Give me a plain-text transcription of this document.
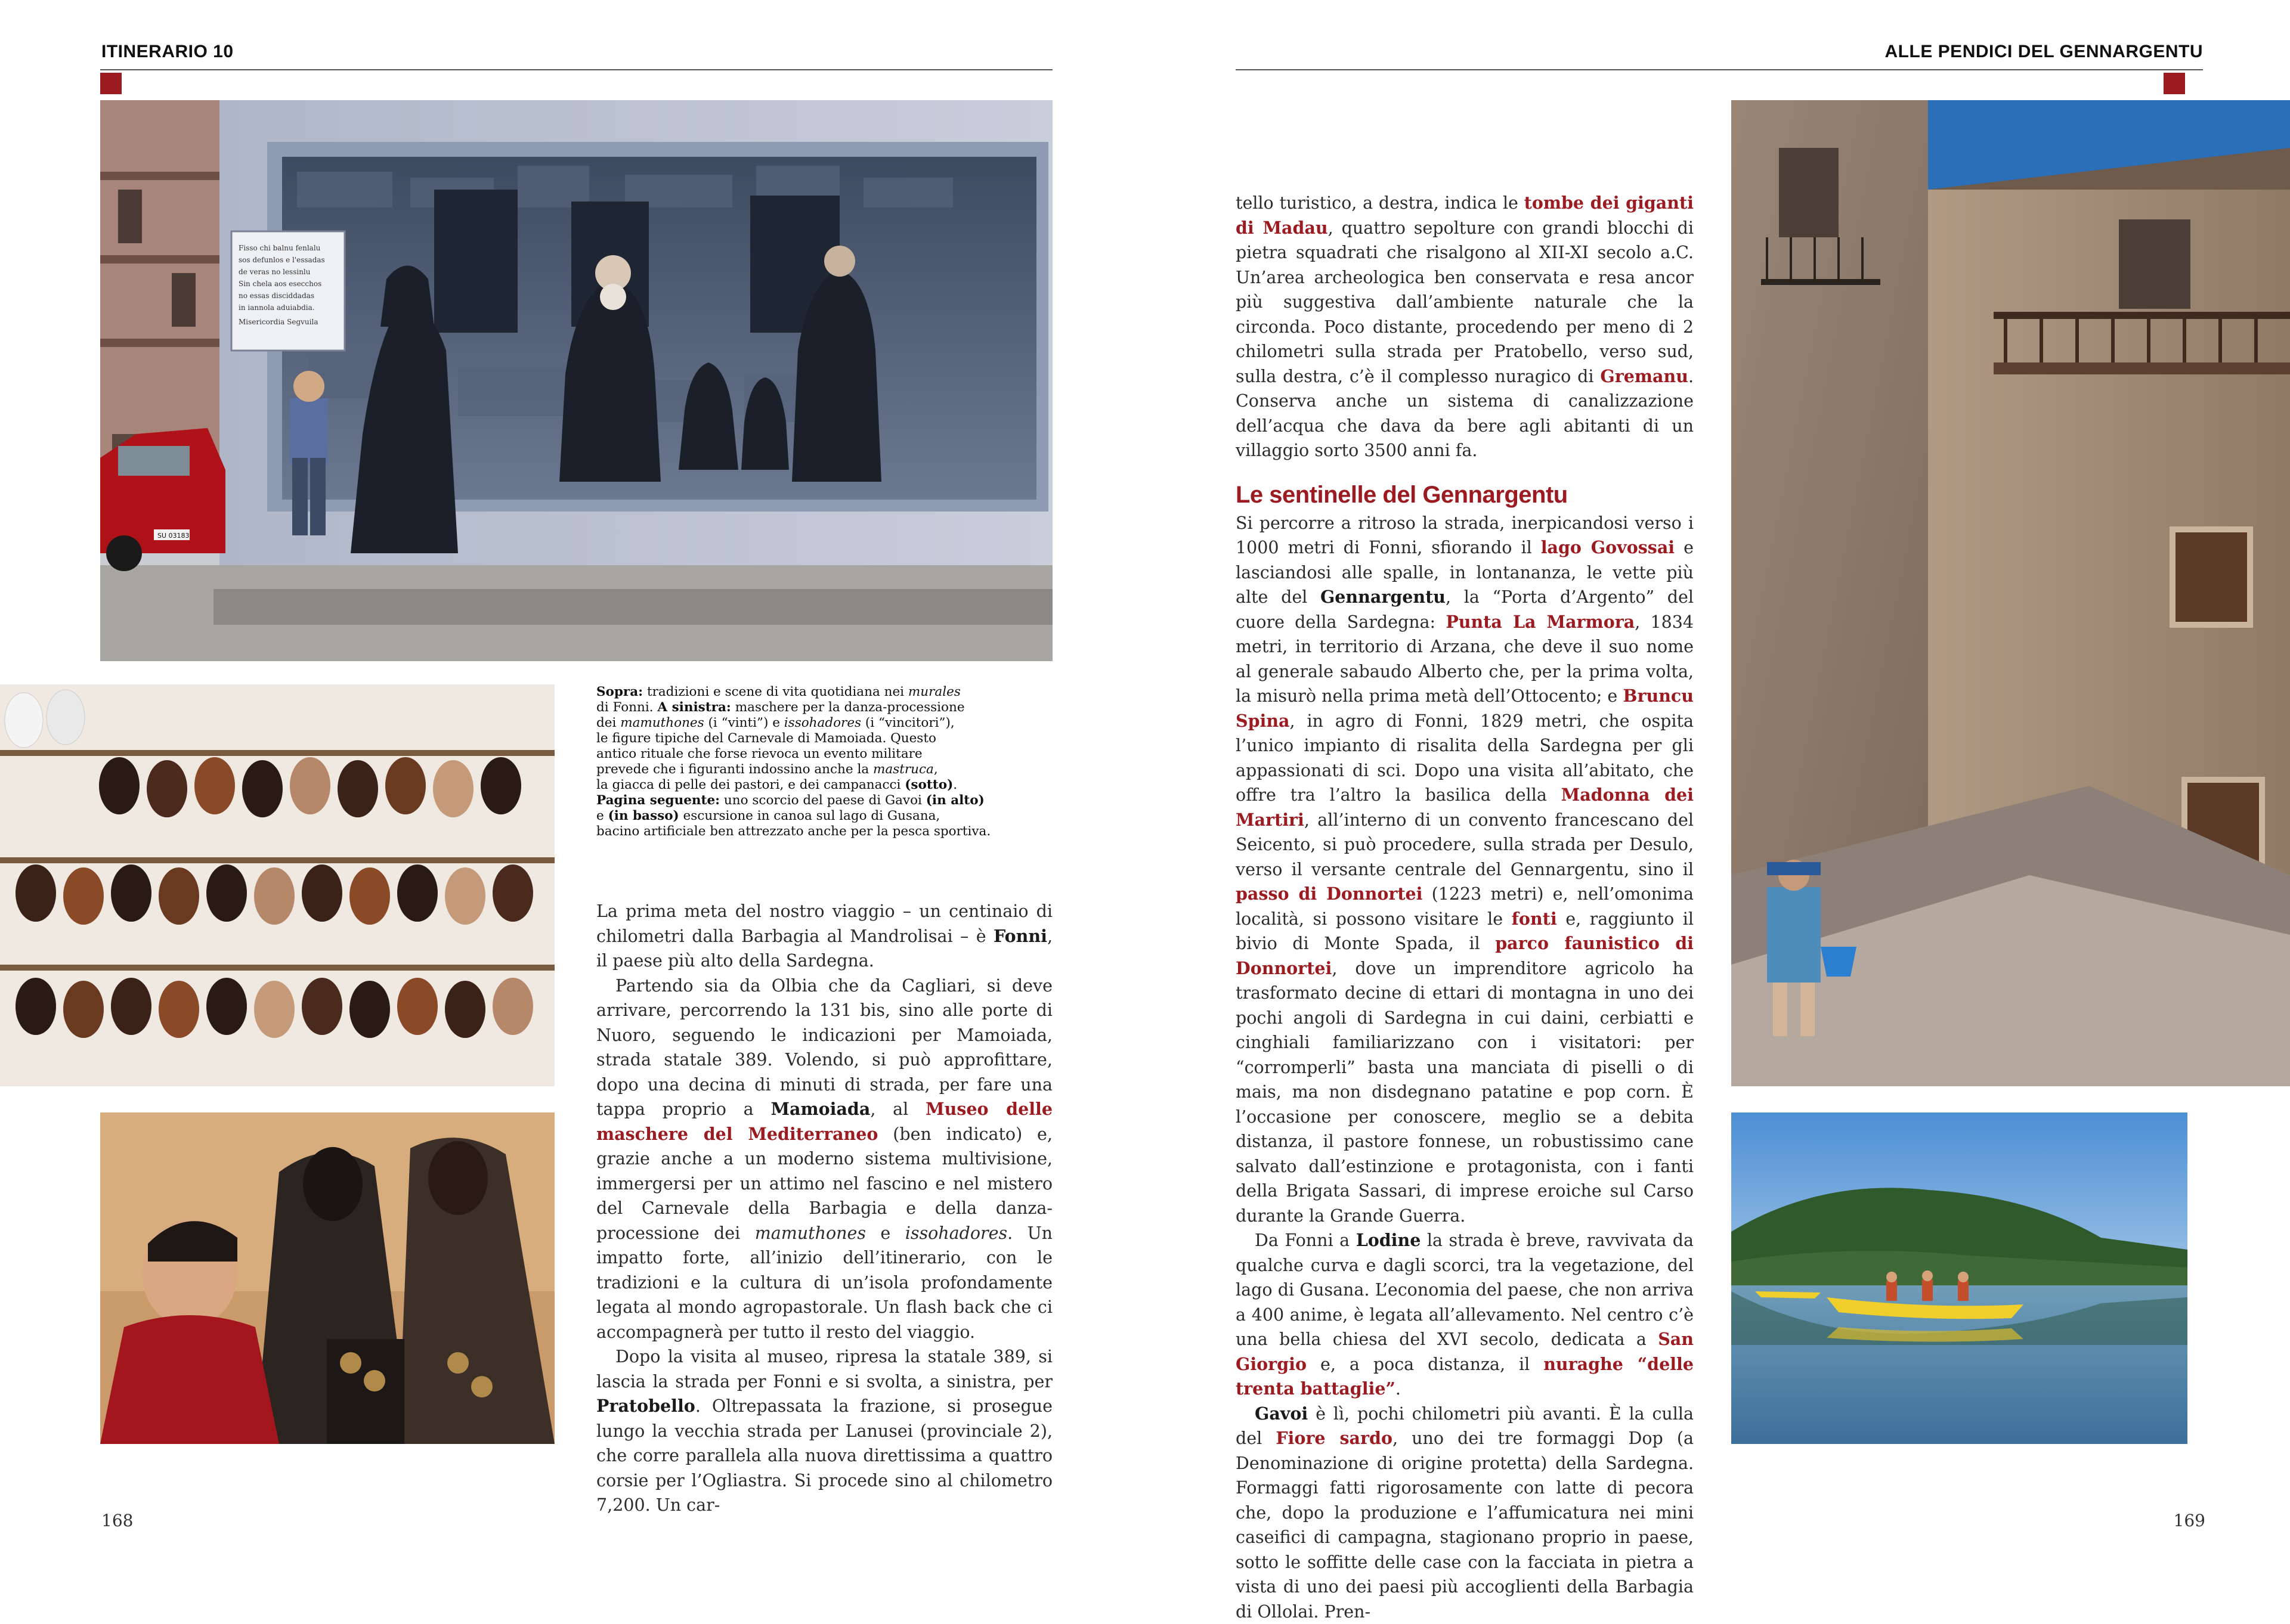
ITINERARIO 10	ALLE PENDICI DEL GENNARGENTU
Fisso chi balnu fenlalu sos defunlos e l'essadas de veras no lessinlu Sin chela aos esecchos no essas disciddadas in iannola aduiabdia. Misericordia Segvuila
SU 03183
Sopra: tradizioni e scene di vita quotidiana nei murales
di Fonni. A sinistra: maschere per la danza-processione
dei mamuthones (i “vinti”) e issohadores (i “vincitori”),
le figure tipiche del Carnevale di Mamoiada. Questo
antico rituale che forse rievoca un evento militare
prevede che i figuranti indossino anche la mastruca,
la giacca di pelle dei pastori, e dei campanacci (sotto).
Pagina seguente: uno scorcio del paese di Gavoi (in alto)
e (in basso) escursione in canoa sul lago di Gusana,
bacino artificiale ben attrezzato anche per la pesca sportiva.

La prima meta del nostro viaggio – un centinaio di chilometri dalla Barbagia al Mandrolisai – è Fonni, il paese più alto della Sardegna.

Partendo sia da Olbia che da Cagliari, si deve arrivare, percorrendo la 131 bis, sino alle porte di Nuoro, seguendo le indicazioni per Mamoiada, strada statale 389. Volendo, si può approfittare, dopo una decina di minuti di strada, per fare una tappa proprio a Mamoiada, al Museo delle maschere del Mediterraneo (ben indicato) e, grazie anche a un moderno sistema multivisione, immergersi per un attimo nel fascino e nel mistero del Carnevale della Barbagia e della danza-processione dei mamuthones e issohadores. Un impatto forte, all’inizio dell’itinerario, con le tradizioni e la cultura di un’isola profondamente legata al mondo agropastorale. Un flash back che ci accompagnerà per tutto il resto del viaggio.

Dopo la visita al museo, ripresa la statale 389, si lascia la strada per Fonni e si svolta, a sinistra, per Pratobello. Oltrepassata la frazione, si prosegue lungo la vecchia strada per Lanusei (provinciale 2), che corre parallela alla nuova direttissima a quattro corsie per l’Ogliastra. Si procede sino al chilometro 7,200. Un car-

tello turistico, a destra, indica le tombe dei giganti di Madau, quattro sepolture con grandi blocchi di pietra squadrati che risalgono al XII-XI secolo a.C. Un’area archeologica ben conservata e resa ancor più suggestiva dall’ambiente naturale che la circonda. Poco distante, procedendo per meno di 2 chilometri sulla strada per Pratobello, verso sud, sulla destra, c’è il complesso nuragico di Gremanu. Conserva anche un sistema di canalizzazione dell’acqua che dava da bere agli abitanti di un villaggio sorto 3500 anni fa.

Le sentinelle del Gennargentu

Si percorre a ritroso la strada, inerpicandosi verso i 1000 metri di Fonni, sfiorando il lago Govossai e lasciandosi alle spalle, in lontananza, le vette più alte del Gennargentu, la “Porta d’Argento” del cuore della Sardegna: Punta La Marmora, 1834 metri, in territorio di Arzana, che deve il suo nome al generale sabaudo Alberto che, per la prima volta, la misurò nella prima metà dell’Ottocento; e Bruncu Spina, in agro di Fonni, 1829 metri, che ospita l’unico impianto di risalita della Sardegna per gli appassionati di sci. Dopo una visita all’abitato, che offre tra l’altro la basilica della Madonna dei Martiri, all’interno di un convento francescano del Seicento, si può procedere, sulla strada per Desulo, verso il versante centrale del Gennargentu, sino il passo di Donnortei (1223 metri) e, nell’omonima località, si possono visitare le fonti e, raggiunto il bivio di Monte Spada, il parco faunistico di Donnortei, dove un imprenditore agricolo ha trasformato decine di ettari di montagna in uno dei pochi angoli di Sardegna in cui daini, cerbiatti e cinghiali familiarizzano con i visitatori: per “corromperli” basta una manciata di piselli o di mais, ma non disdegnano patatine e pop corn. È l’occasione per conoscere, meglio se a debita distanza, il pastore fonnese, un robustissimo cane salvato dall’estinzione e protagonista, con i fanti della Brigata Sassari, di imprese eroiche sul Carso durante la Grande Guerra.

Da Fonni a Lodine la strada è breve, ravvivata da qualche curva e dagli scorci, tra la vegetazione, del lago di Gusana. L’economia del paese, che non arriva a 400 anime, è legata all’allevamento. Nel centro c’è una bella chiesa del XVI secolo, dedicata a San Giorgio e, a poca distanza, il nuraghe “delle trenta battaglie”.

Gavoi è lì, pochi chilometri più avanti. È la culla del Fiore sardo, uno dei tre formaggi Dop (a Denominazione di origine protetta) della Sardegna. Formaggi fatti rigorosamente con latte di pecora che, dopo la produzione e l’affumicatura nei mini caseifici di campagna, stagionano proprio in paese, sotto le soffitte delle case con la facciata in pietra a vista di uno dei paesi più accoglienti della Barbagia di Ollolai. Pren-

168	169
